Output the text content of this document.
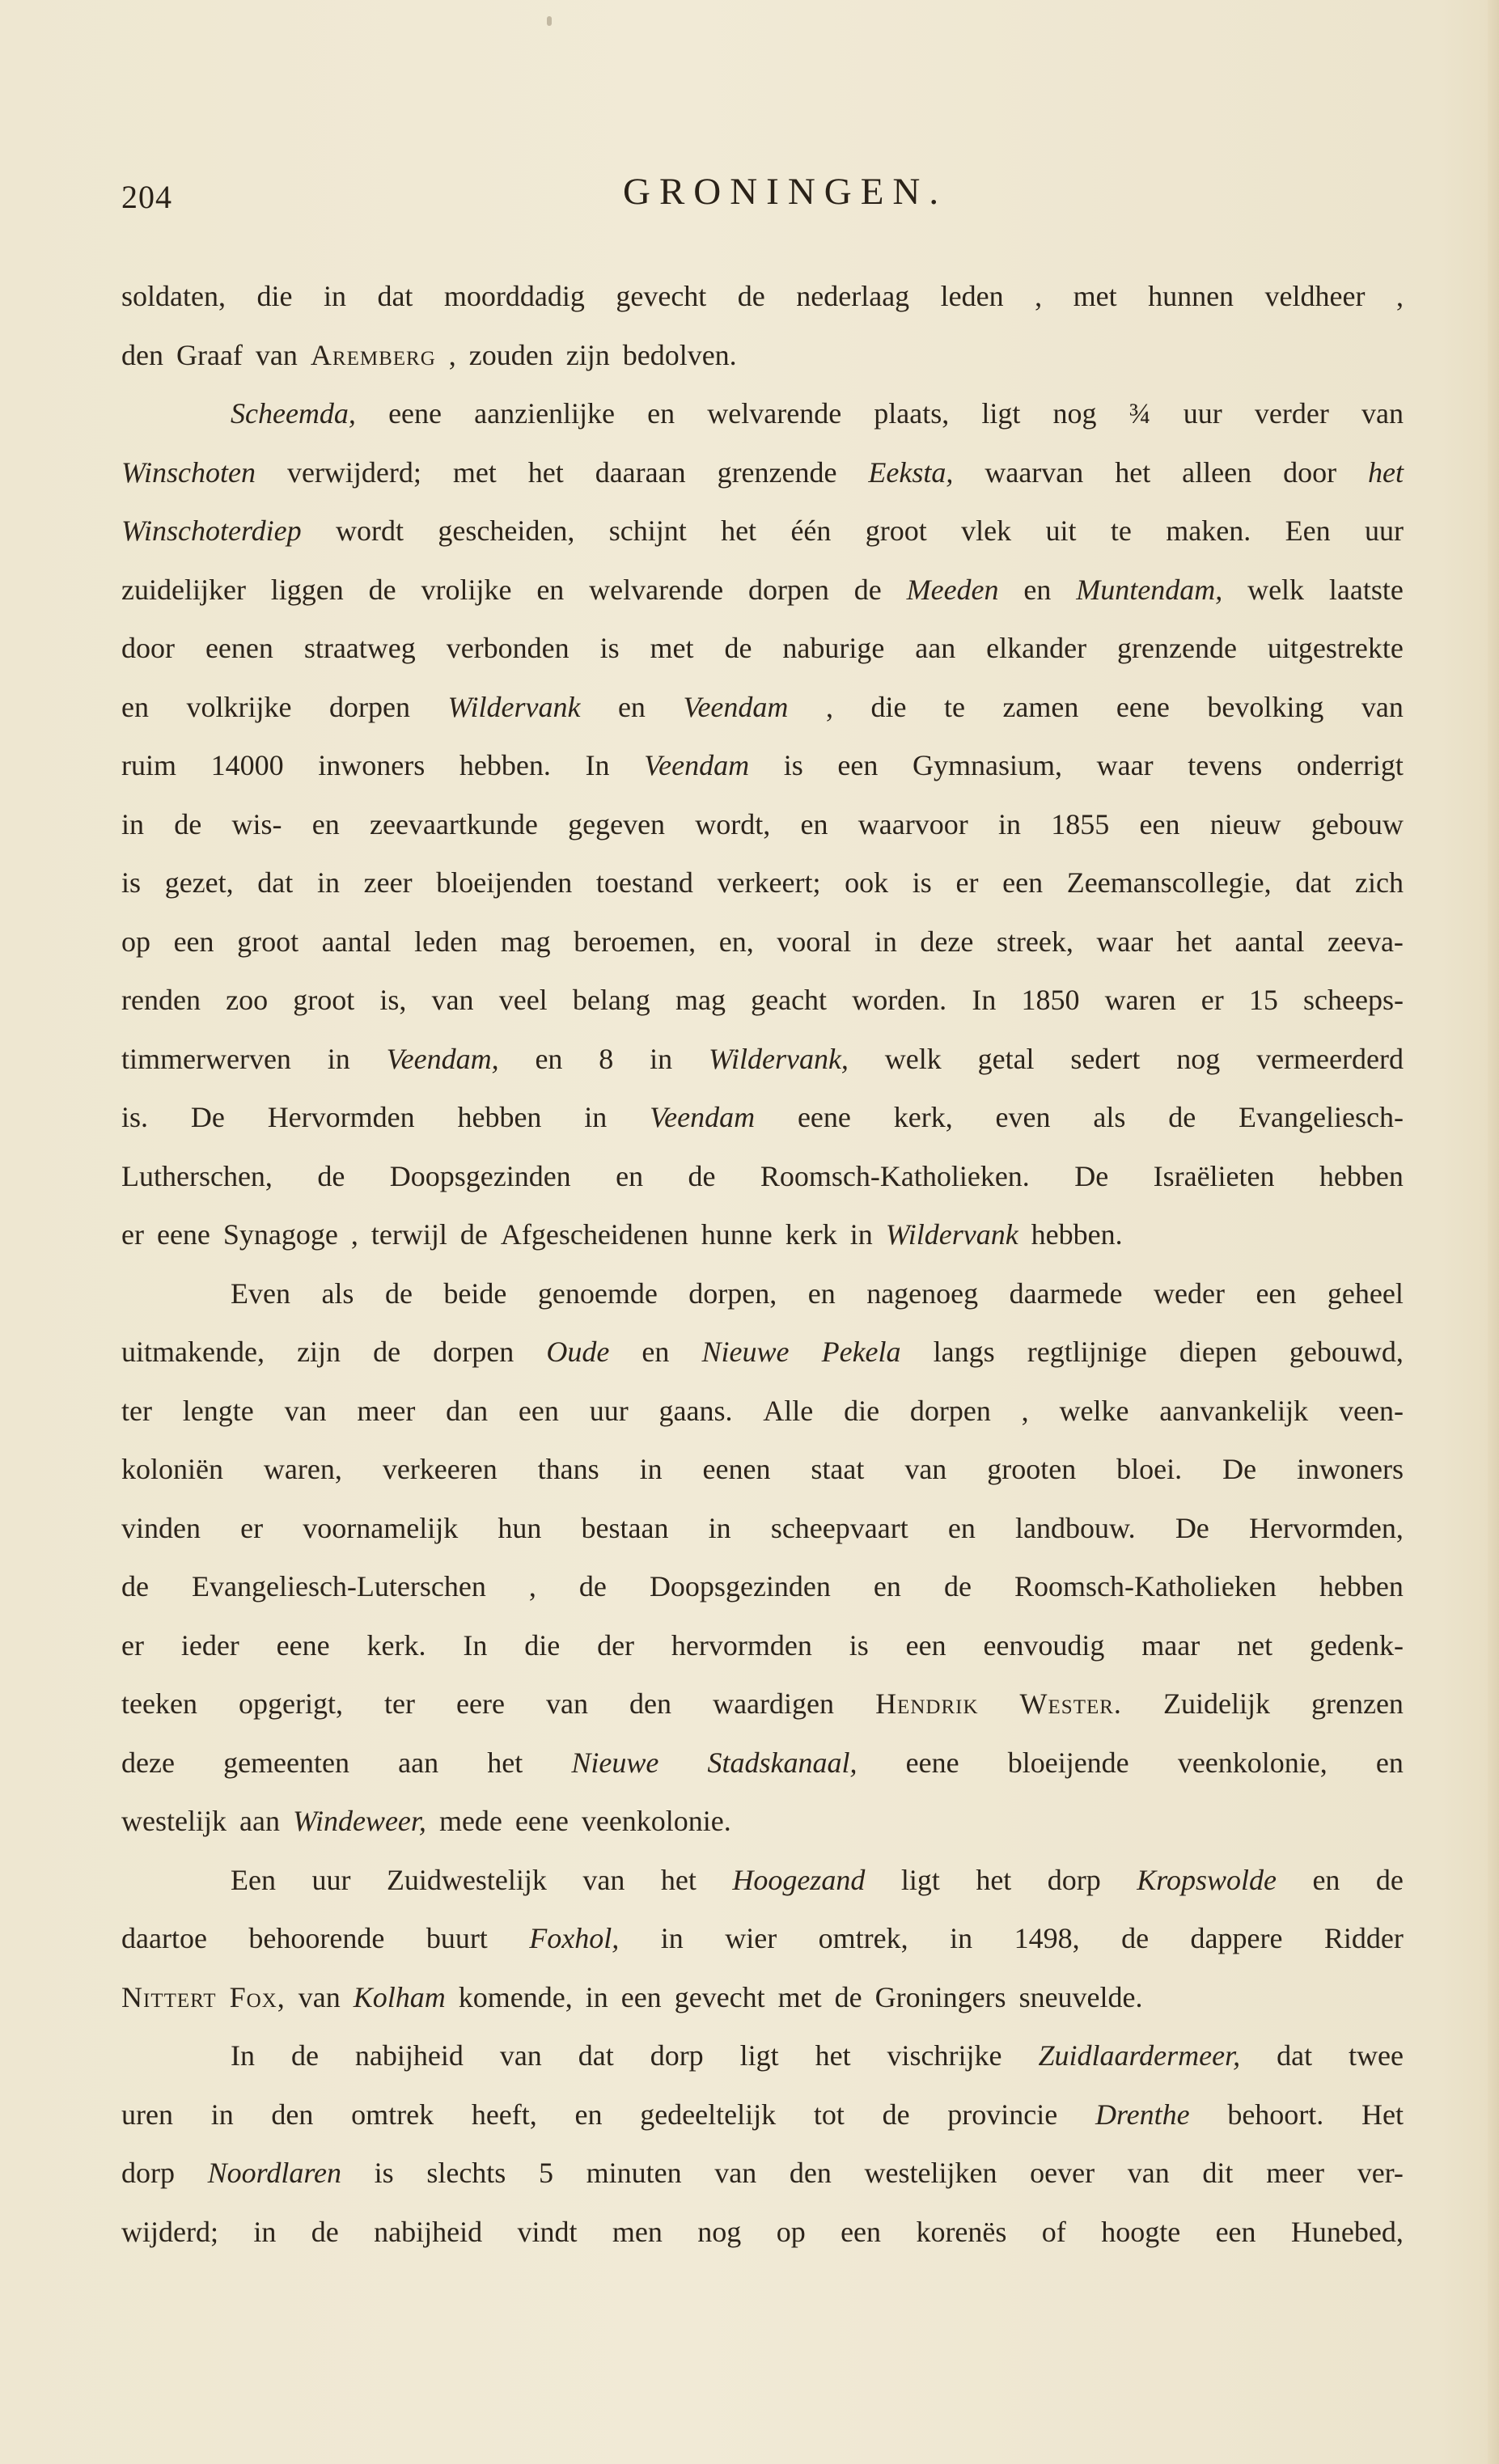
204	GRONINGEN.
soldaten, die in dat moorddadig gevecht de nederlaag leden , met hunnen veldheer ,
den Graaf van Aremberg , zouden zijn bedolven.
Scheemda, eene aanzienlijke en welvarende plaats, ligt nog ¾ uur verder van
Winschoten verwijderd; met het daaraan grenzende Eeksta, waarvan het alleen door het
Winschoterdiep wordt gescheiden, schijnt het één groot vlek uit te maken. Een uur
zuidelijker liggen de vrolijke en welvarende dorpen de Meeden en Muntendam, welk laatste
door eenen straatweg verbonden is met de naburige aan elkander grenzende uitgestrekte
en volkrijke dorpen Wildervank en Veendam , die te zamen eene bevolking van
ruim 14000 inwoners hebben. In Veendam is een Gymnasium, waar tevens onderrigt
in de wis- en zeevaartkunde gegeven wordt, en waarvoor in 1855 een nieuw gebouw
is gezet, dat in zeer bloeijenden toestand verkeert; ook is er een Zeemanscollegie, dat zich
op een groot aantal leden mag beroemen, en, vooral in deze streek, waar het aantal zeeva-
renden zoo groot is, van veel belang mag geacht worden. In 1850 waren er 15 scheeps-
timmerwerven in Veendam, en 8 in Wildervank, welk getal sedert nog vermeerderd
is. De Hervormden hebben in Veendam eene kerk, even als de Evangeliesch-
Lutherschen, de Doopsgezinden en de Roomsch-Katholieken. De Israëlieten hebben
er eene Synagoge , terwijl de Afgescheidenen hunne kerk in Wildervank hebben.
Even als de beide genoemde dorpen, en nagenoeg daarmede weder een geheel
uitmakende, zijn de dorpen Oude en Nieuwe Pekela langs regtlijnige diepen gebouwd,
ter lengte van meer dan een uur gaans. Alle die dorpen , welke aanvankelijk veen-
koloniën waren, verkeeren thans in eenen staat van grooten bloei. De inwoners
vinden er voornamelijk hun bestaan in scheepvaart en landbouw. De Hervormden,
de Evangeliesch-Luterschen , de Doopsgezinden en de Roomsch-Katholieken hebben
er ieder eene kerk. In die der hervormden is een eenvoudig maar net gedenk-
teeken opgerigt, ter eere van den waardigen Hendrik Wester. Zuidelijk grenzen
deze gemeenten aan het Nieuwe Stadskanaal, eene bloeijende veenkolonie, en
westelijk aan Windeweer, mede eene veenkolonie.
Een uur Zuidwestelijk van het Hoogezand ligt het dorp Kropswolde en de
daartoe behoorende buurt Foxhol, in wier omtrek, in 1498, de dappere Ridder
Nittert Fox, van Kolham komende, in een gevecht met de Groningers sneuvelde.
In de nabijheid van dat dorp ligt het vischrijke Zuidlaardermeer, dat twee
uren in den omtrek heeft, en gedeeltelijk tot de provincie Drenthe behoort. Het
dorp Noordlaren is slechts 5 minuten van den westelijken oever van dit meer ver-
wijderd; in de nabijheid vindt men nog op een korenës of hoogte een Hunebed,
